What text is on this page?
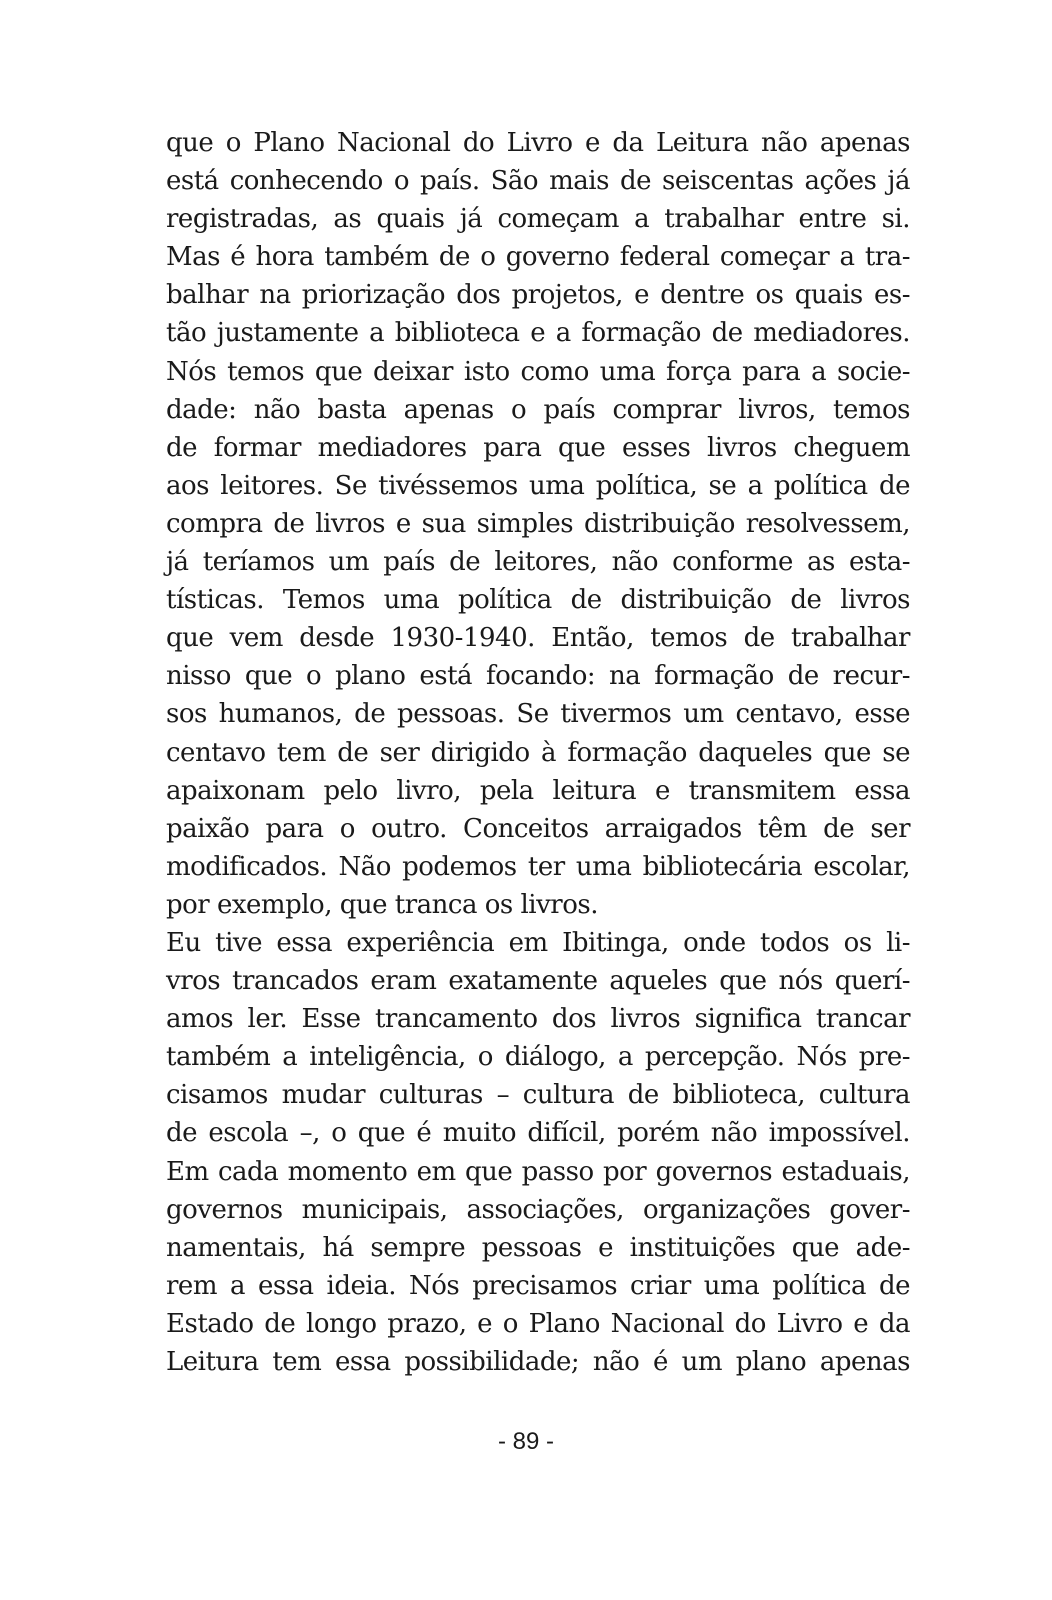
que o Plano Nacional do Livro e da Leitura não apenas
está conhecendo o país. São mais de seiscentas ações já
registradas, as quais já começam a trabalhar entre si.
Mas é hora também de o governo federal começar a tra-
balhar na priorização dos projetos, e dentre os quais es-
tão justamente a biblioteca e a formação de mediadores.
Nós temos que deixar isto como uma força para a socie-
dade: não basta apenas o país comprar livros, temos
de formar mediadores para que esses livros cheguem
aos leitores. Se tivéssemos uma política, se a política de
compra de livros e sua simples distribuição resolvessem,
já teríamos um país de leitores, não conforme as esta-
tísticas. Temos uma política de distribuição de livros
que vem desde 1930-1940. Então, temos de trabalhar
nisso que o plano está focando: na formação de recur-
sos humanos, de pessoas. Se tivermos um centavo, esse
centavo tem de ser dirigido à formação daqueles que se
apaixonam pelo livro, pela leitura e transmitem essa
paixão para o outro. Conceitos arraigados têm de ser
modificados. Não podemos ter uma bibliotecária escolar,
por exemplo, que tranca os livros.
Eu tive essa experiência em Ibitinga, onde todos os li-
vros trancados eram exatamente aqueles que nós querí-
amos ler. Esse trancamento dos livros significa trancar
também a inteligência, o diálogo, a percepção. Nós pre-
cisamos mudar culturas – cultura de biblioteca, cultura
de escola –, o que é muito difícil, porém não impossível.
Em cada momento em que passo por governos estaduais,
governos municipais, associações, organizações gover-
namentais, há sempre pessoas e instituições que ade-
rem a essa ideia. Nós precisamos criar uma política de
Estado de longo prazo, e o Plano Nacional do Livro e da
Leitura tem essa possibilidade; não é um plano apenas
- 89 -
